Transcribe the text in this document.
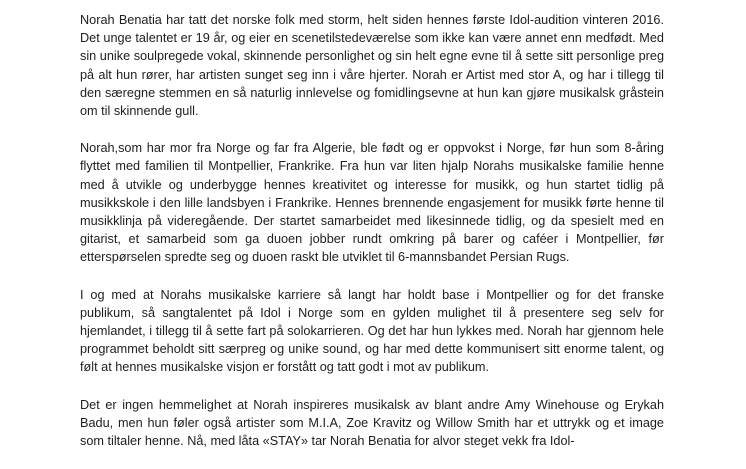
Norah Benatia har tatt det norske folk med storm, helt siden hennes første Idol-audition vinteren 2016. Det unge talentet er 19 år, og eier en scenetilstedeværelse som ikke kan være annet enn medfødt. Med sin unike soulpregede vokal, skinnende personlighet og sin helt egne evne til å sette sitt personlige preg på alt hun rører, har artisten sunget seg inn i våre hjerter. Norah er Artist med stor A, og har i tillegg til den særegne stemmen en så naturlig innlevelse og fomidlingsevne at hun kan gjøre musikalsk gråstein om til skinnende gull.

Norah,som har mor fra Norge og far fra Algerie, ble født og er oppvokst i Norge, før hun som 8-åring flyttet med familien til Montpellier, Frankrike. Fra hun var liten hjalp Norahs musikalske familie henne med å utvikle og underbygge hennes kreativitet og interesse for musikk, og hun startet tidlig på musikkskole i den lille landsbyen i Frankrike. Hennes brennende engasjement for musikk førte henne til musikklinja på videregående. Der startet samarbeidet med likesinnede tidlig, og da spesielt med en gitarist, et samarbeid som ga duoen jobber rundt omkring på barer og caféer i Montpellier, før etterspørselen spredte seg og duoen raskt ble utviklet til 6-mannsbandet Persian Rugs.

I og med at Norahs musikalske karriere så langt har holdt base i Montpellier og for det franske publikum, så sangtalentet på Idol i Norge som en gylden mulighet til å presentere seg selv for hjemlandet, i tillegg til å sette fart på solokarrieren. Og det har hun lykkes med. Norah har gjennom hele programmet beholdt sitt særpreg og unike sound, og har med dette kommunisert sitt enorme talent, og følt at hennes musikalske visjon er forstått og tatt godt i mot av publikum.

Det er ingen hemmelighet at Norah inspireres musikalsk av blant andre Amy Winehouse og Erykah Badu, men hun føler også artister som M.I.A, Zoe Kravitz og Willow Smith har et uttrykk og et image som tiltaler henne. Nå, med låta «STAY» tar Norah Benatia for alvor steget vekk fra Idol-
